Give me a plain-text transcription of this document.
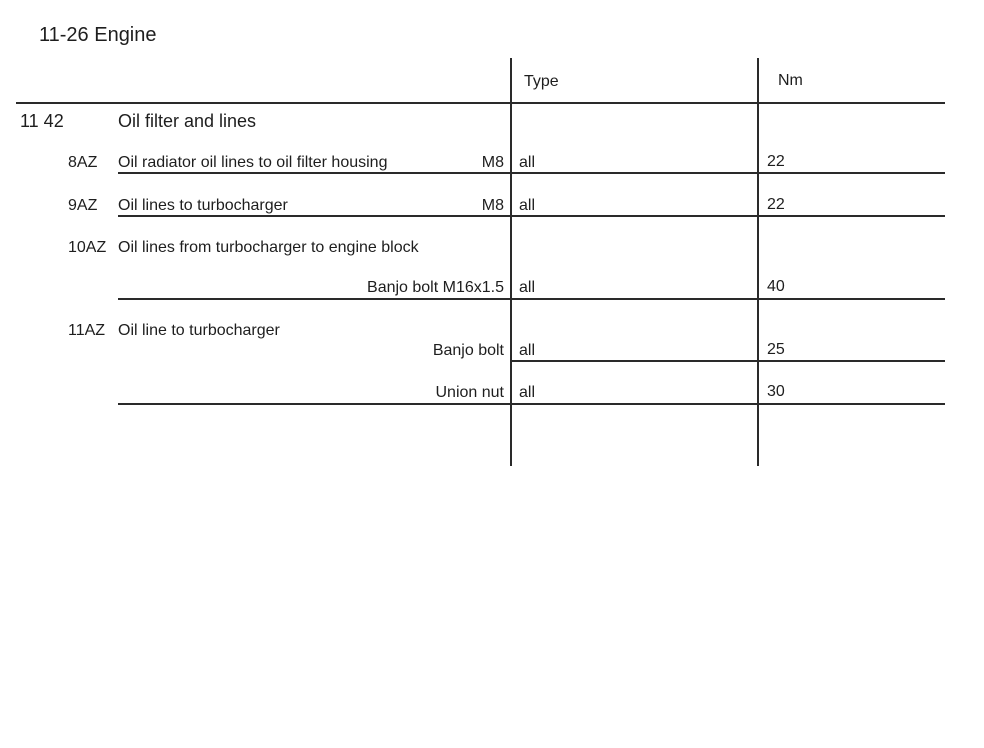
11-26 Engine
Type	Nm
11 42	Oil filter and lines
8AZ Oil radiator oil lines to oil filter housing	M8 all	22
9AZ Oil lines to turbocharger	M8 all	22
10AZ Oil lines from turbocharger to engine block
Banjo bolt M16x1.5 all	40
11AZ Oil line to turbocharger
Banjo bolt all	25
Union nut all	30
